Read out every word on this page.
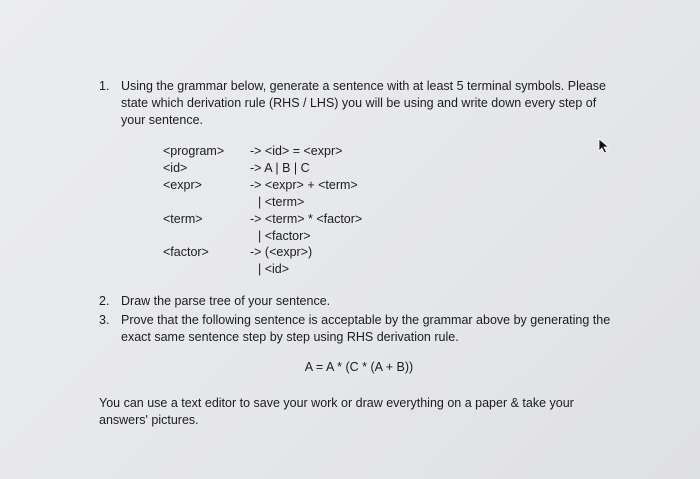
1. Using the grammar below, generate a sentence with at least 5 terminal symbols. Please state which derivation rule (RHS / LHS) you will be using and write down every step of your sentence.
<program> -> <id> = <expr>
<id>	-> A | B | C
<expr>	-> <expr> + <term>
| <term>
<term>	-> <term> * <factor>
| <factor>
<factor>	-> (<expr>)
| <id>
2. Draw the parse tree of your sentence.
3. Prove that the following sentence is acceptable by the grammar above by generating the exact same sentence step by step using RHS derivation rule.
A = A * (C * (A + B))
You can use a text editor to save your work or draw everything on a paper & take your answers' pictures.
